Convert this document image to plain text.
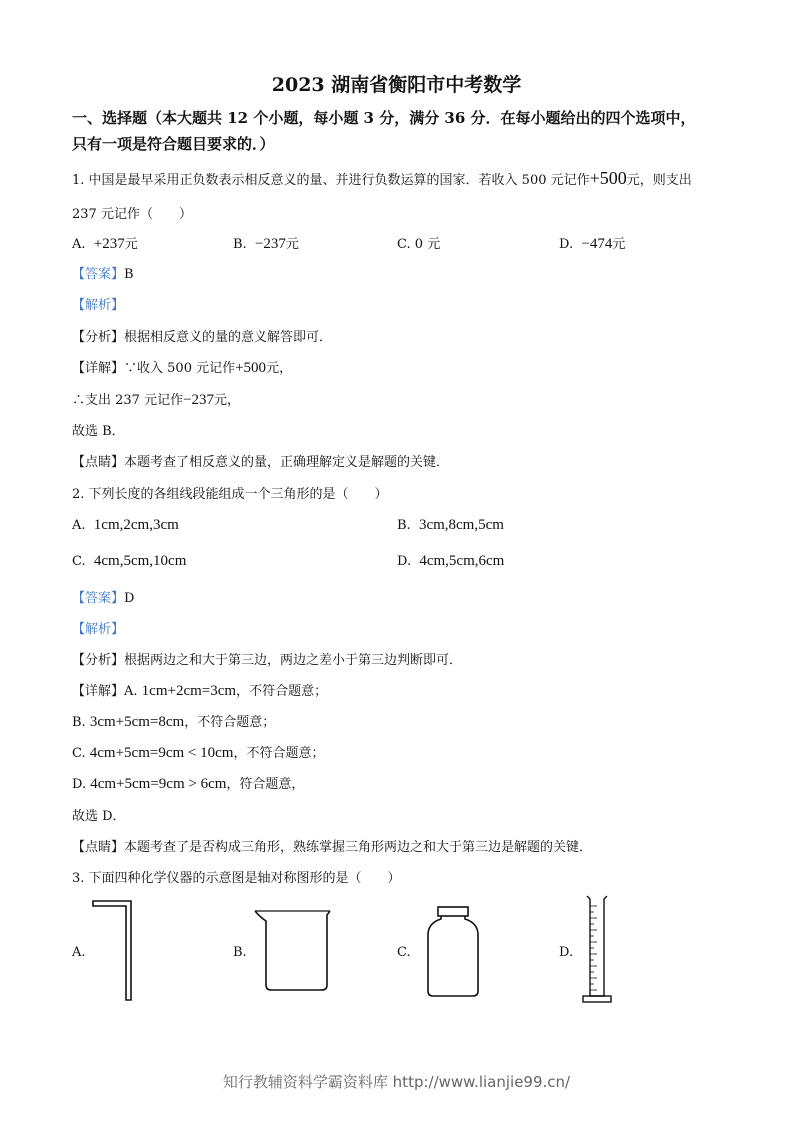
2023 湖南省衡阳市中考数学
一、选择题（本大题共 12 个小题，每小题 3 分，满分 36 分．在每小题给出的四个选项中，
只有一项是符合题目要求的．）
1. 中国是最早采用正负数表示相反意义的量、并进行负数运算的国家．若收入 500 元记作+500元，则支出
237 元记作（　　）
A. +237元	B. −237元	C. 0 元	D. −474元
【答案】B
【解析】
【分析】根据相反意义的量的意义解答即可．
【详解】∵收入 500 元记作+500元，
∴支出 237 元记作−237元，
故选 B．
【点睛】本题考查了相反意义的量，正确理解定义是解题的关键．
2. 下列长度的各组线段能组成一个三角形的是（　　）
A. 1cm,2cm,3cm	B. 3cm,8cm,5cm
C. 4cm,5cm,10cm	D. 4cm,5cm,6cm
【答案】D
【解析】
【分析】根据两边之和大于第三边，两边之差小于第三边判断即可．
【详解】A. 1cm+2cm=3cm，不符合题意；
B. 3cm+5cm=8cm，不符合题意；
C. 4cm+5cm=9cm < 10cm，不符合题意；
D. 4cm+5cm=9cm > 6cm，符合题意，
故选 D．
【点睛】本题考查了是否构成三角形，熟练掌握三角形两边之和大于第三边是解题的关键．
3. 下面四种化学仪器的示意图是轴对称图形的是（　　）
A.	B.	C.	D.
知行教辅资料学霸资料库 http://www.lianjie99.cn/
